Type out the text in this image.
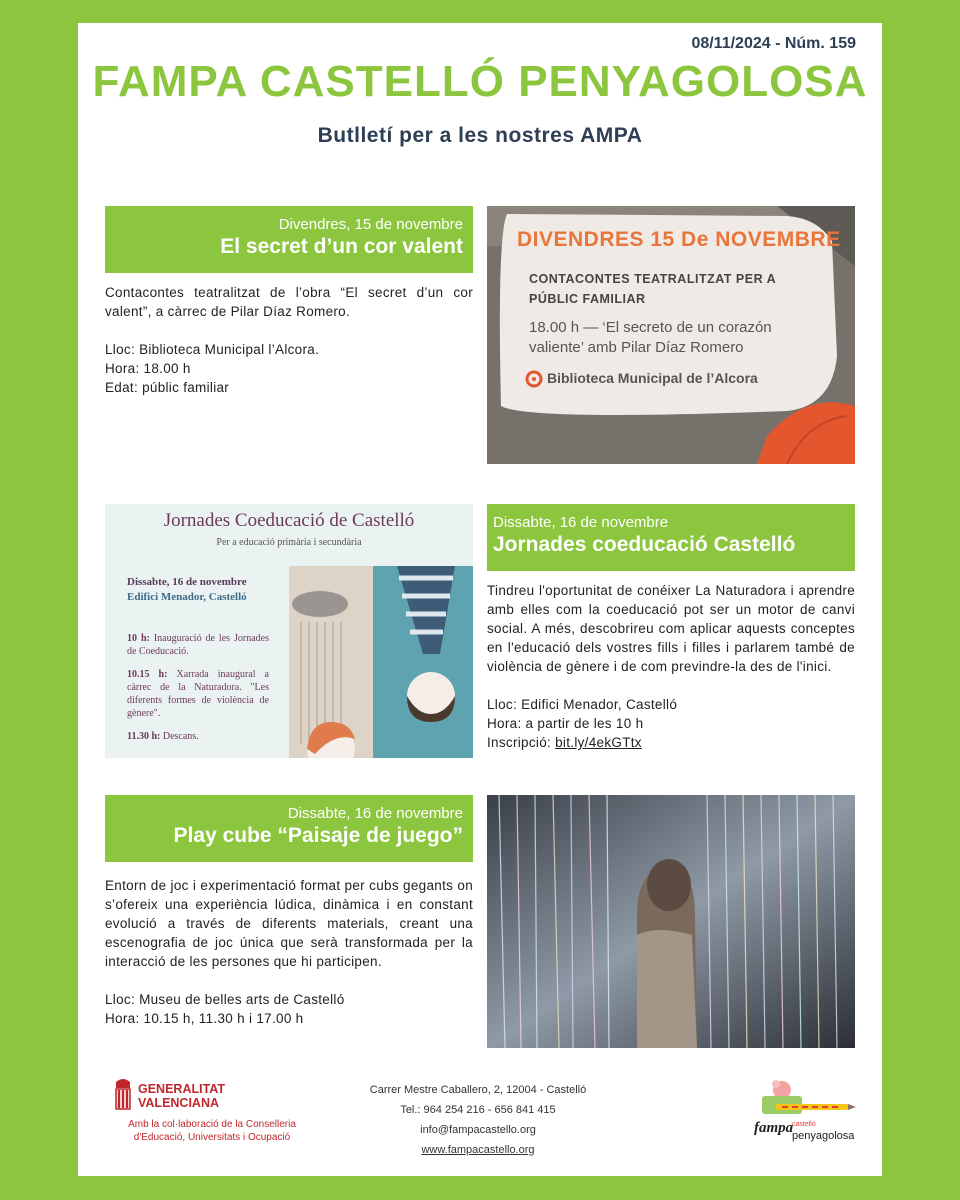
08/11/2024 - Núm. 159
FAMPA CASTELLÓ PENYAGOLOSA
Butlletí per a les nostres AMPA
Divendres, 15 de novembre
El secret d’un cor valent

Contacontes teatralitzat de l’obra “El secret d’un cor valent”, a càrrec de Pilar Díaz Romero.

Lloc: Biblioteca Municipal l’Alcora.

Hora: 18.00 h

Edat: públic familiar

DIVENDRES 15 De NOVEMBRE
CONTACONTES TEATRALITZAT PER A
PÚBLIC FAMILIAR
18.00 h — ‘El secreto de un corazón
valiente’ amb Pilar Díaz Romero
Biblioteca Municipal de l’Alcora
Jornades Coeducació de Castelló
Per a educació primària i secundària
Dissabte, 16 de novembre
Edifici Menador, Castelló

10 h: Inauguració de les Jornades de Coeducació.

10.15 h: Xarrada inaugural a càrrec de la Naturadora. "Les diferents formes de violència de gènere".

11.30 h: Descans.

Dissabte, 16 de novembre
Jornades coeducació Castelló

Tindreu l'oportunitat de conéixer La Naturadora i aprendre amb elles com la coeducació pot ser un motor de canvi social. A més, descobrireu com aplicar aquests conceptes en l'educació dels vostres fills i filles i parlarem també de violència de gènere i de com previndre-la des de l'inici.

Lloc: Edifici Menador, Castelló

Hora: a partir de les 10 h

Inscripció: bit.ly/4ekGTtx

Dissabte, 16 de novembre
Play cube “Paisaje de juego”

Entorn de joc i experimentació format per cubs gegants on s’ofereix una experiència lúdica, dinàmica i en constant evolució a través de diferents materials, creant una escenografia de joc única que serà transformada per la interacció de les persones que hi participen.

Lloc: Museu de belles arts de Castelló

Hora: 10.15 h, 11.30 h i 17.00 h

GENERALITAT
VALENCIANA
Amb la col·laboració de la Conselleria
d'Educació, Universitats i Ocupació
Carrer Mestre Caballero, 2, 12004 - Castelló
Tel.: 964 254 216 - 656 841 415
info@fampacastello.org
www.fampacastello.org
fampa
castelló
penyagolosa
